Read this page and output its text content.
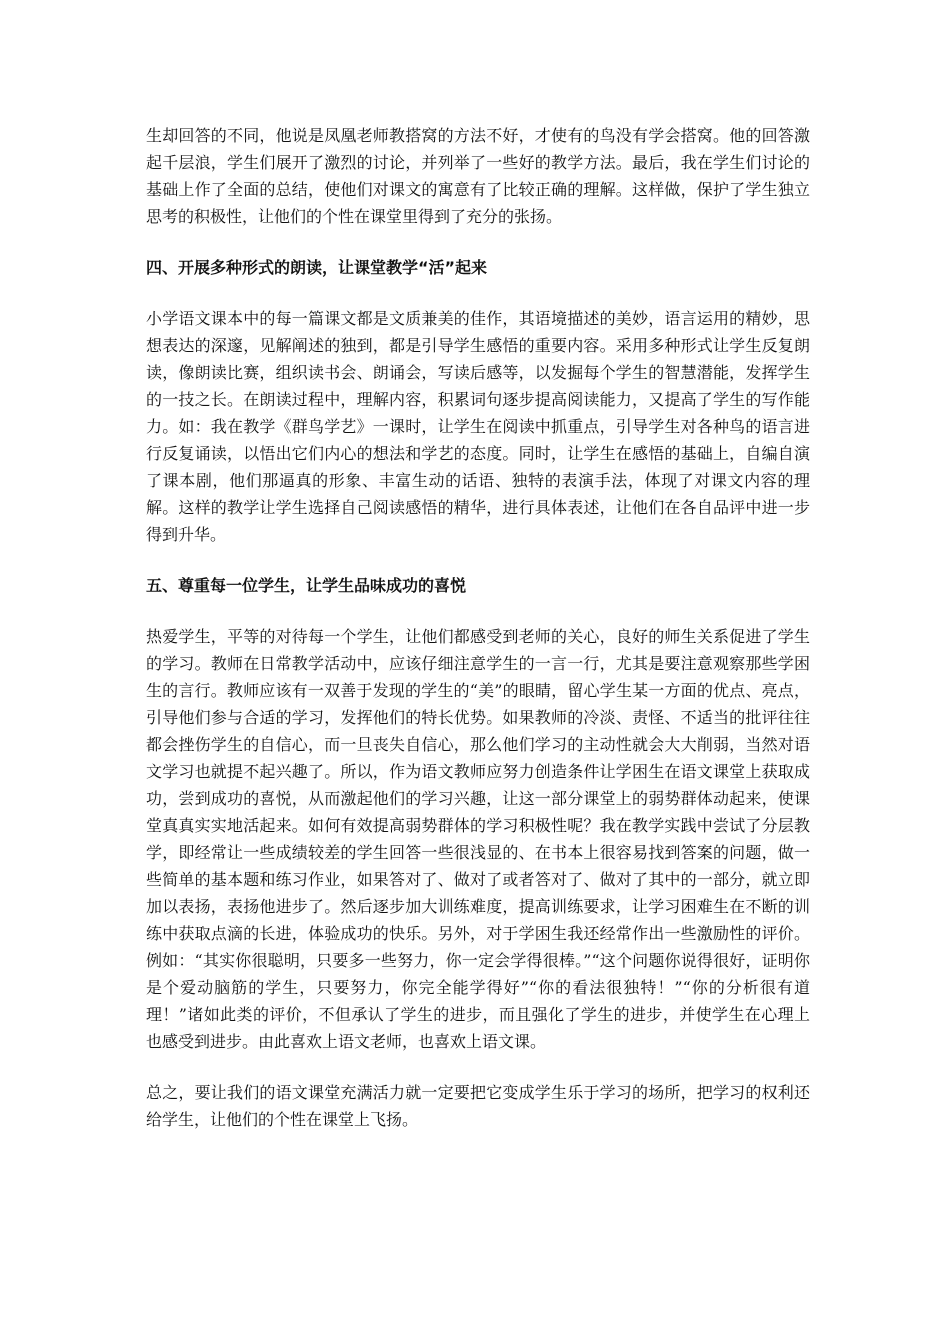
生却回答的不同，他说是凤凰老师教搭窝的方法不好，才使有的鸟没有学会搭窝。他的回答激起千层浪，学生们展开了激烈的讨论，并列举了一些好的教学方法。最后，我在学生们讨论的基础上作了全面的总结，使他们对课文的寓意有了比较正确的理解。这样做，保护了学生独立思考的积极性，让他们的个性在课堂里得到了充分的张扬。

四、开展多种形式的朗读，让课堂教学“活”起来

小学语文课本中的每一篇课文都是文质兼美的佳作，其语境描述的美妙，语言运用的精妙，思想表达的深邃，见解阐述的独到，都是引导学生感悟的重要内容。采用多种形式让学生反复朗读，像朗读比赛，组织读书会、朗诵会，写读后感等，以发掘每个学生的智慧潜能，发挥学生的一技之长。在朗读过程中，理解内容，积累词句逐步提高阅读能力，又提高了学生的写作能力。如：我在教学《群鸟学艺》一课时，让学生在阅读中抓重点，引导学生对各种鸟的语言进行反复诵读，以悟出它们内心的想法和学艺的态度。同时，让学生在感悟的基础上，自编自演了课本剧，他们那逼真的形象、丰富生动的话语、独特的表演手法，体现了对课文内容的理解。这样的教学让学生选择自己阅读感悟的精华，进行具体表述，让他们在各自品评中进一步得到升华。

五、尊重每一位学生，让学生品味成功的喜悦

热爱学生，平等的对待每一个学生，让他们都感受到老师的关心，良好的师生关系促进了学生的学习。教师在日常教学活动中，应该仔细注意学生的一言一行，尤其是要注意观察那些学困生的言行。教师应该有一双善于发现的学生的“美”的眼睛，留心学生某一方面的优点、亮点，引导他们参与合适的学习，发挥他们的特长优势。如果教师的冷淡、责怪、不适当的批评往往都会挫伤学生的自信心，而一旦丧失自信心，那么他们学习的主动性就会大大削弱，当然对语文学习也就提不起兴趣了。所以，作为语文教师应努力创造条件让学困生在语文课堂上获取成功，尝到成功的喜悦，从而激起他们的学习兴趣，让这一部分课堂上的弱势群体动起来，使课堂真真实实地活起来。如何有效提高弱势群体的学习积极性呢？我在教学实践中尝试了分层教学，即经常让一些成绩较差的学生回答一些很浅显的、在书本上很容易找到答案的问题，做一些简单的基本题和练习作业，如果答对了、做对了或者答对了、做对了其中的一部分，就立即加以表扬，表扬他进步了。然后逐步加大训练难度，提高训练要求，让学习困难生在不断的训练中获取点滴的长进，体验成功的快乐。另外，对于学困生我还经常作出一些激励性的评价。例如：“其实你很聪明，只要多一些努力，你一定会学得很棒。”“这个问题你说得很好，证明你是个爱动脑筋的学生，只要努力，你完全能学得好”“你的看法很独特！”“你的分析很有道理！”诸如此类的评价，不但承认了学生的进步，而且强化了学生的进步，并使学生在心理上也感受到进步。由此喜欢上语文老师，也喜欢上语文课。

总之，要让我们的语文课堂充满活力就一定要把它变成学生乐于学习的场所，把学习的权利还给学生，让他们的个性在课堂上飞扬。
